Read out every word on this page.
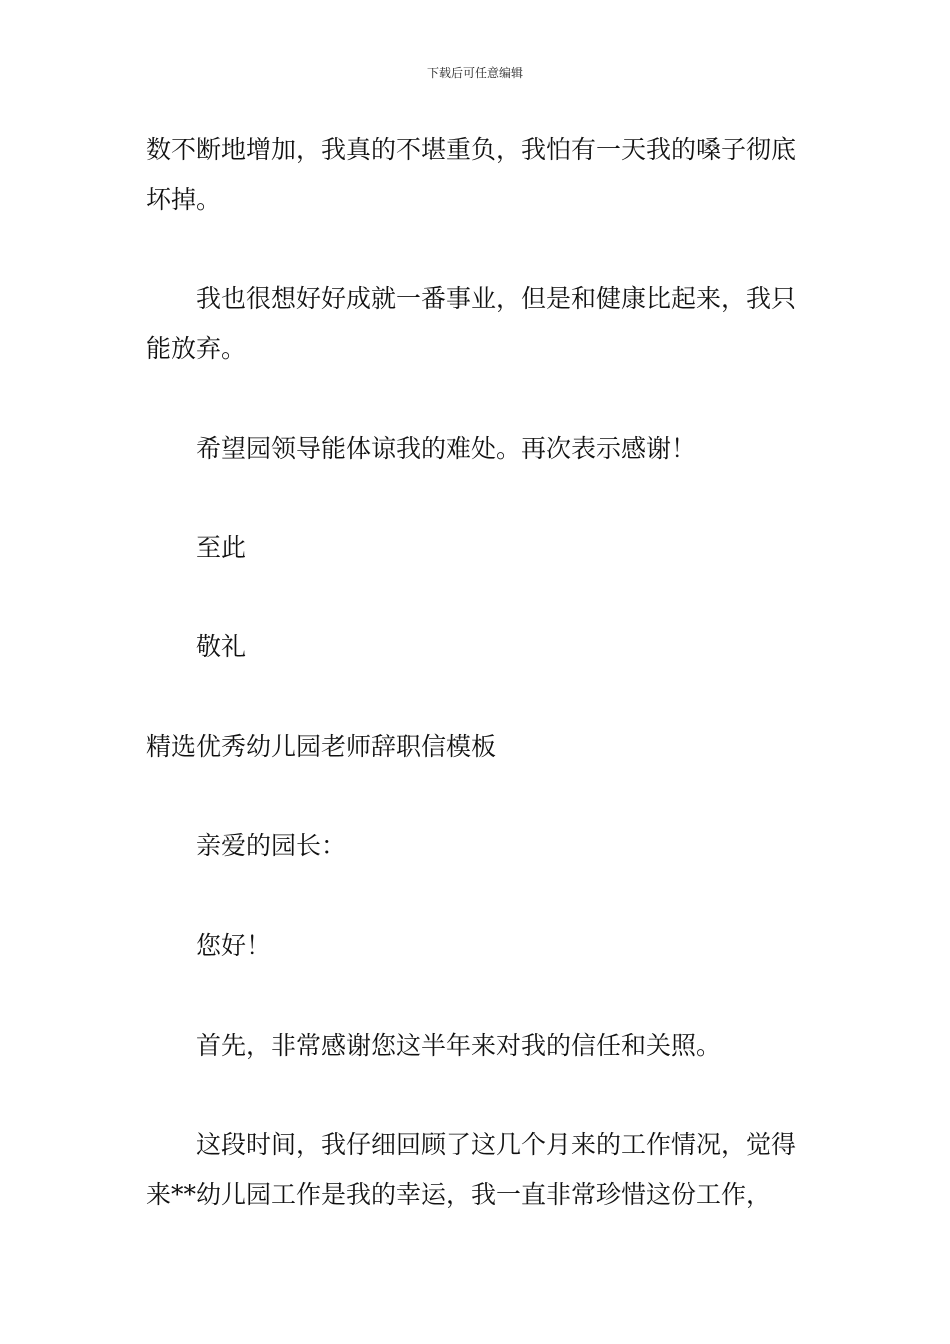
下载后可任意编辑

数不断地增加，我真的不堪重负，我怕有一天我的嗓子彻底坏掉。

我也很想好好成就一番事业，但是和健康比起来，我只能放弃。

希望园领导能体谅我的难处。再次表示感谢！

至此

敬礼

精选优秀幼儿园老师辞职信模板

亲爱的园长：

您好！

首先，非常感谢您这半年来对我的信任和关照。

这段时间，我仔细回顾了这几个月来的工作情况，觉得来**幼儿园工作是我的幸运，我一直非常珍惜这份工作，
